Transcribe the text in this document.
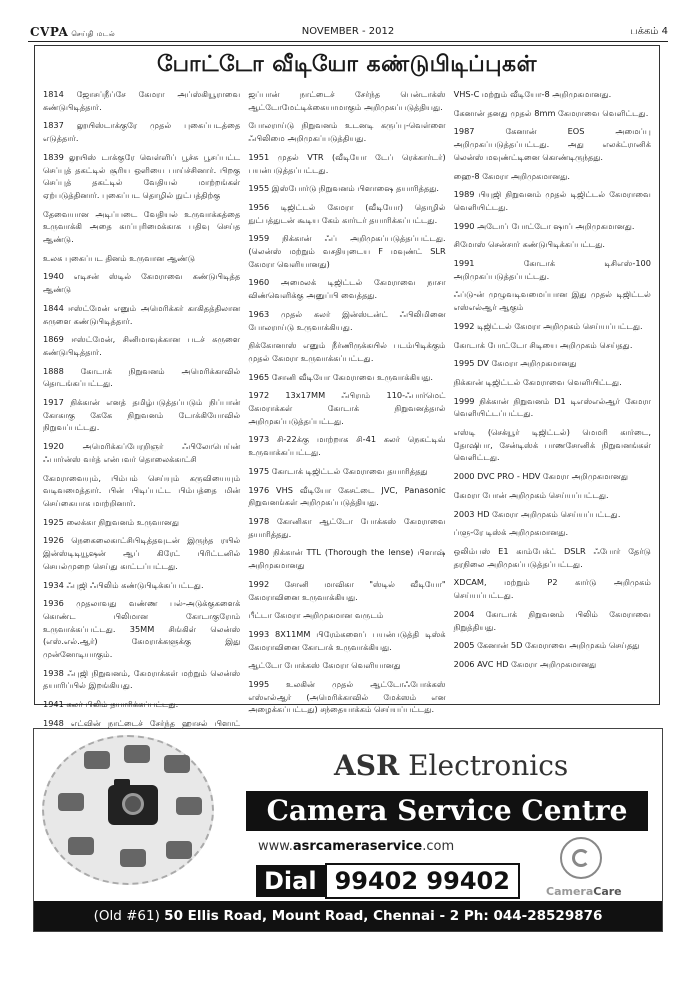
CVPA செய்தி மடல்	NOVEMBER - 2012	பக்கம் 4
போட்டோ வீடியோ கண்டுபிடிப்புகள்

1814 ஜோசப்நீப்சே கேமரா அப்ஸ்கியூராவை கண்டுபிடித்தார்.

1837 லூயிஸ்டாக்குரே முதல் புகைப்படத்தை எடுத்தார்.

1839 லூயிஸ் டாக்குரே வெள்ளிப் பூச்சு பூசப்பட்ட செப்புத் தகட்டில் சூரிய ஒளியை பாய்ச்சினார். பிறகு செப்புத் தகட்டில் வேதியல் மாற்றங்கள் ஏற்படுத்தினார். புகைப்பட தொழில் நுட்பத்திற்கு

தேவையான அடிப்படை வேதியல் உருவாக்கத்தை உருவாக்கி அதை காப்புரிமைக்காக பதிவு செய்த ஆண்டு.

உலக புகைப்பட தினம் உருவான ஆண்டு

1940 எடிசன் ஸ்டில் கேமராவை கண்டுபிடித்த ஆண்டு

1844 ஈஸ்ட்மேன் எனும் அமெரிக்கர் காகிதத்திலான சுருளை கண்டுபிடித்தார்.

1869 ஈஸ்ட்மேன், சினிமாவுக்கான படச் சுருளை கண்டுபிடித்தார்.

1888 கோடாக் நிறுவனம் அமெரிக்காவில் தொடங்கப்பட்டது.

1917 நிக்கான் எனத் தமிழ்படுத்தப்படும் நிப்பான் கோகாகு கேகே நிறுவனம் டோக்கியோவில் நிறுவப்பட்டது.

1920 அமெரிக்கப்பேரறிஞர் ஃபிலோபெய்ன் ஃபார்ன்ஸ் வர்த் என்பவர் தொலைக்காட்சி

கேமராவையும், பிம்பம் செய்யும் கருவியையும் வடிவமைத்தார். பின் பிடிப்பட்ட பிம்பத்தை மின் செய்கையாக மாற்றினார்.

1925 லைக்கா நிறுவனம் உருவானது

1926 நெகைலைகாட்சிபிடித்தவுடன் இருந்த ரயில் இன்ஸ்டிடியூஷன் ஆப் கிரேட் பிரிட்டனில் செயல்முறை செய்து காட்டப்பட்டது.

1934 ஃபுஜி ஃபிலிம் கண்டுபிடிக்கப்பட்டது.

1936 முதலாவது வண்ண பல்-அடுக்குகளைக் கொண்ட பிலிமான கோடாகுரோம் உருவாக்கப்பட்டது. 35MM சிங்கிள் லென்ஸ் (எஸ்.எல்.ஆர்) கேமராக்களுக்கு இது முன்னோடியாகும்.

1938 ஃபுஜி நிறுவனம், கேமராக்கள் மற்றும் லென்ஸ் தயாரிப்பில் இறங்கியது.

1941 கலர் பிலிம் தயாரிக்கப்பட்டது.

1948 எட்வின் நாட்டைச் சேர்ந்த ஹாசல் பிளாட்

ஜப்பான் நாட்டைச் சேர்ந்த பென்டாக்ஸ் ஆட்டோமேட்டிக்கையாமாகும் அறிமுகப்படுத்தியது.

போலராய்டு நிறுவனம் உடனடி கருப்பு-வெள்ளை ஃபிலிமை அறிமுகப்படுத்தியது.

1951 முதல் VTR (வீடியோ டேப் ரெக்கார்டர்) பயன்படுத்தப்பட்டது.

1955 இஸ்போர்டு நிறுவனம் பிளாஷை தயாரித்தது.

1956 டிஜிட்டல் கேமரா (வீடியோ) தொழில் நுட்பத்துடன் கூடிய கேம் கார்டர் தயாரிக்கப்பட்டது.

1959 நிக்கான் ஃப் அறிமுகப்படுத்தப்பட்டது. (லென்ஸ் மற்றும் வசதியுடைய F மவுண்ட் SLR கேமரா வெளியானது)

1960 அமைலக் டிஜிட்டல் கேமராவை நாசா விண்வெளிக்கு அனுப்பி வைத்தது.

1963 முதல் கலர் இன்ஸ்டன்ட் ஃபிலிமினை போலராய்டு உருவாக்கியது.

நிக்கோனாஸ் எனும் நீர்ணிருக்கயில் படம்பிடிக்கும் முதல் கேமரா உருவாக்கப்பட்டது.

1965 சோனி வீடியோ கேமராவை உருவாக்கியது.

1972 13x17MM ஃபிராம் 110-ஃபார்மெட் கேமராக்கள் கோடாக் நிறுவனத்தால் அறிமுகப்படுத்தப்பட்டது.

1973 சி-22க்கு மாற்றாக சி-41 கலர் நெகட்டிவ் உருவாக்கப்பட்டது.

1975 கோடாக் டிஜிட்டல் கேமராவை தயாரித்தது

1976 VHS வீடியோ கேசட்டை JVC, Panasonic நிறுவனங்கள் அறிமுகப்படுத்தியது.

1978 கோனிகா ஆட்டோ போக்கஸ் கேமராவை தயாரித்தது.

1980 நிக்கான் TTL (Thorough the lense) பிளாஷ் அறிமுகமானது

1992 சோனி மாவிகா "ஸ்டில் வீடியோ" கேமராவினை உருவாக்கியது.

பீட்டா கேமரா அறிமுகமான வருடம்

1993 8X11MM பிரேம்களைப் பயன்படுத்தி டிஸ்க் கேமராவினை கோடாக் உருவாக்கியது.

ஆட்டோ போக்கஸ் கேமரா வெளியானது

1995 உலகின் முதல் ஆட்டோஃபோக்கஸ் எஸ்எல்ஆர் (அமெரிக்காவில் மேக்ஸம் என அழைக்கப்பட்டது) சந்தையாக்கம் செய்யப்பட்டது.

VHS-C மற்றும் வீடியோ-8 அறிமுகமானது.

கேனான் தனது முதல் 8mm கேமராவை வெளிட்டது.

1987 கேனான் EOS அமைப்பு அறிமுகப்படுத்தப்பட்டது. அது எலக்ட்ரானிக் லென்ஸ் மவுண்ட்டினை கொண்டிருந்தது.

ஹை-8 கேமரா அறிமுகமானது.

1989 பியுஜி நிறுவனம் முதல் டிஜிட்டல் கேமராவை வெளியிட்டது.

1990 அடோப் போட்டோ ஷாப் அறிமுகமானது.

சிமோஸ் சென்சார் கண்டுபிடிக்கப்பட்டது.

1991 கோடாக் டிசிஎஸ்-100 அறிமுகப்படுத்தப்பட்டது.

ஃப்டு-ன் முழுவடிவமைப்பான இது முதல் டிஜிட்டல் எஸ்எல்ஆர் ஆகும்

1992 டிஜிட்டல் கேமரா அறிமுகம் செய்யப்பட்டது.

கோடாக் போட்டோ சிடியை அறிமுகம் செய்தது.

1995 DV கேமரா அறிமுகமானது

நிக்கான் டிஜிட்டல் கேமராவை வெளியிட்டது.

1999 நிக்கான் நிறுவனம் D1 டிஎஸ்எல்ஆர் கேமரா வெளியிட்டப்பட்டது.

எஸ்டி (செக்யூர் டிஜிட்டல்) மெமரி கார்டை, தோஷிபா, சேன்டிஸ்க் பாணசோனிக் நிறுவனங்கள் வெளிட்டது.

2000 DVC PRO - HDV கேமரா அறிமுகமானது

கேமரா போன் அறிமுகம் செய்யப்பட்டது.

2003 HD கேமரா அறிமுகம் செய்யப்பட்டது.

ப்ளு-ரே டிஸ்க் அறிமுகமானது.

ஒலிம்பஸ் E1 காம்பேக்ட் DSLR ஃபோர் தேர்டு தரநிலை அறிமுகப்படுத்தப்பட்டது.

XDCAM, மற்றும் P2 கார்டு அறிமுகம் செய்யப்பட்டது.

2004 கோடாக் நிறுவனம் பிலிம் கேமராவை நிறுத்தியது.

2005 கேனான் 5D கேமராவை அறிமுகம் செய்தது

2006 AVC HD கேமரா அறிமுகமானது

ASR Electronics
Camera Service Centre
www.asrcameraservice.com
Dial 99402 99402	CameraCare
(Old #61) 50 Ellis Road, Mount Road, Chennai - 2 Ph: 044-28529876
